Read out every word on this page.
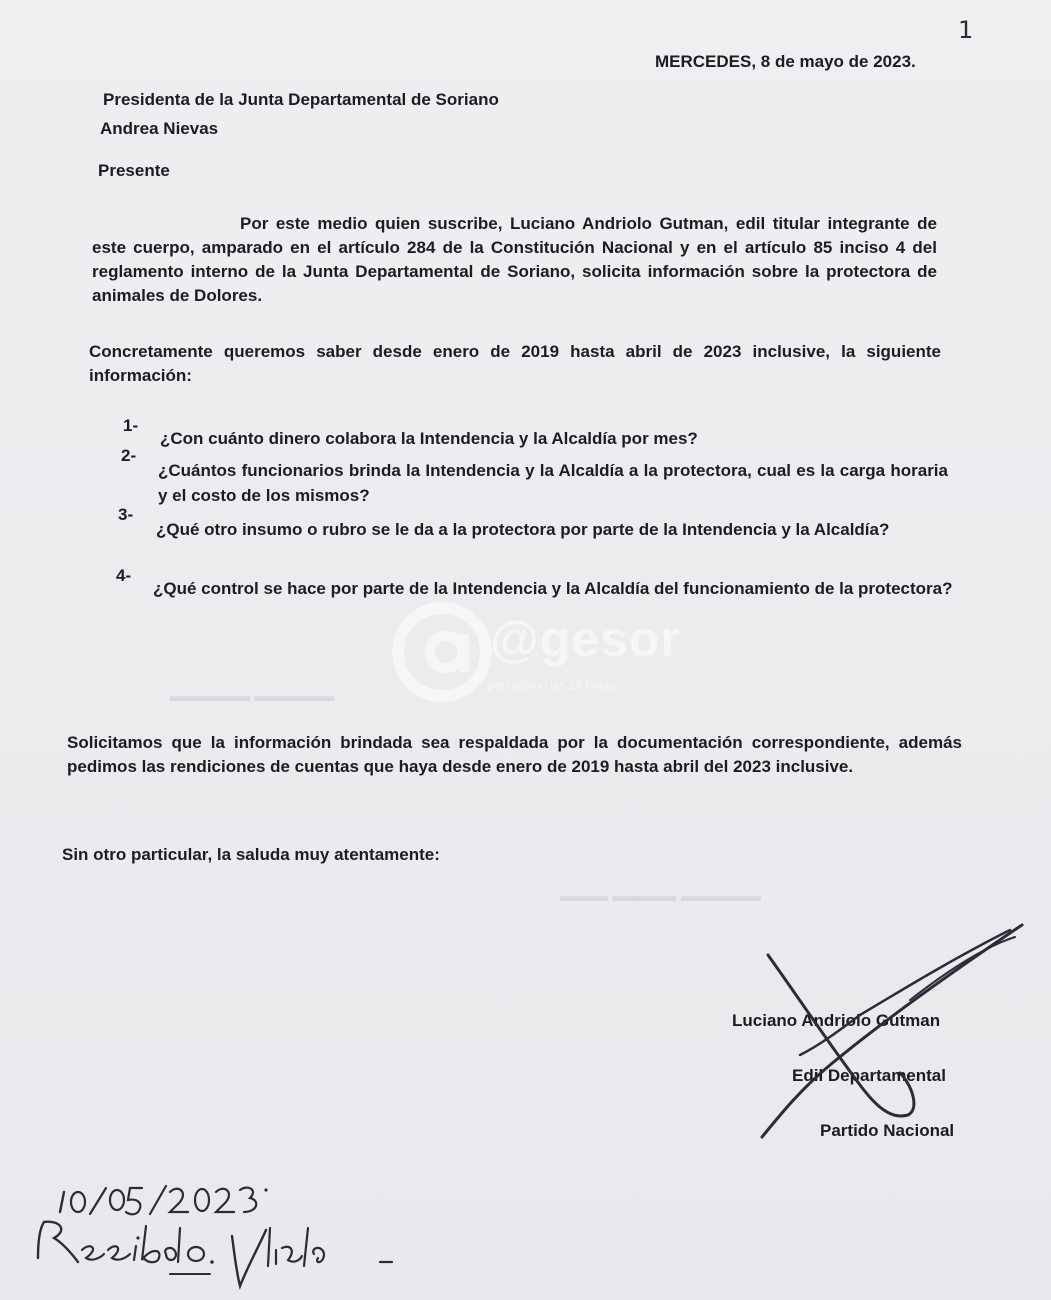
▬▬▬ ▬▬▬▬ ▬▬▬▬▬
▬▬▬▬▬ ▬▬▬▬▬
1
MERCEDES, 8 de mayo de 2023.
Presidenta de la Junta Departamental de Soriano
Andrea Nievas
Presente
Por este medio quien suscribe, Luciano Andriolo Gutman, edil titular integrante de este cuerpo, amparado en el artículo 284 de la Constitución Nacional y en el artículo 85 inciso 4 del reglamento interno de la Junta Departamental de Soriano, solicita información sobre la protectora de animales de Dolores.
Concretamente queremos saber desde enero de 2019 hasta abril de 2023 inclusive, la siguiente información:
1-
¿Con cuánto dinero colabora la Intendencia y la Alcaldía por mes?
2-
¿Cuántos funcionarios brinda la Intendencia y la Alcaldía a la protectora, cual es la carga horaria y el costo de los mismos?
3-
¿Qué otro insumo o rubro se le da a la protectora por parte de la Intendencia y la Alcaldía?
4-
¿Qué control se hace por parte de la Intendencia y la Alcaldía del funcionamiento de la protectora?
@gesor
periodismo las 24 horas
Solicitamos que la información brindada sea respaldada por la documentación correspondiente, además pedimos las rendiciones de cuentas que haya desde enero de 2019 hasta abril del 2023 inclusive.
Sin otro particular, la saluda muy atentamente:
Luciano Andriolo Gutman
Edil Departamental
Partido Nacional
